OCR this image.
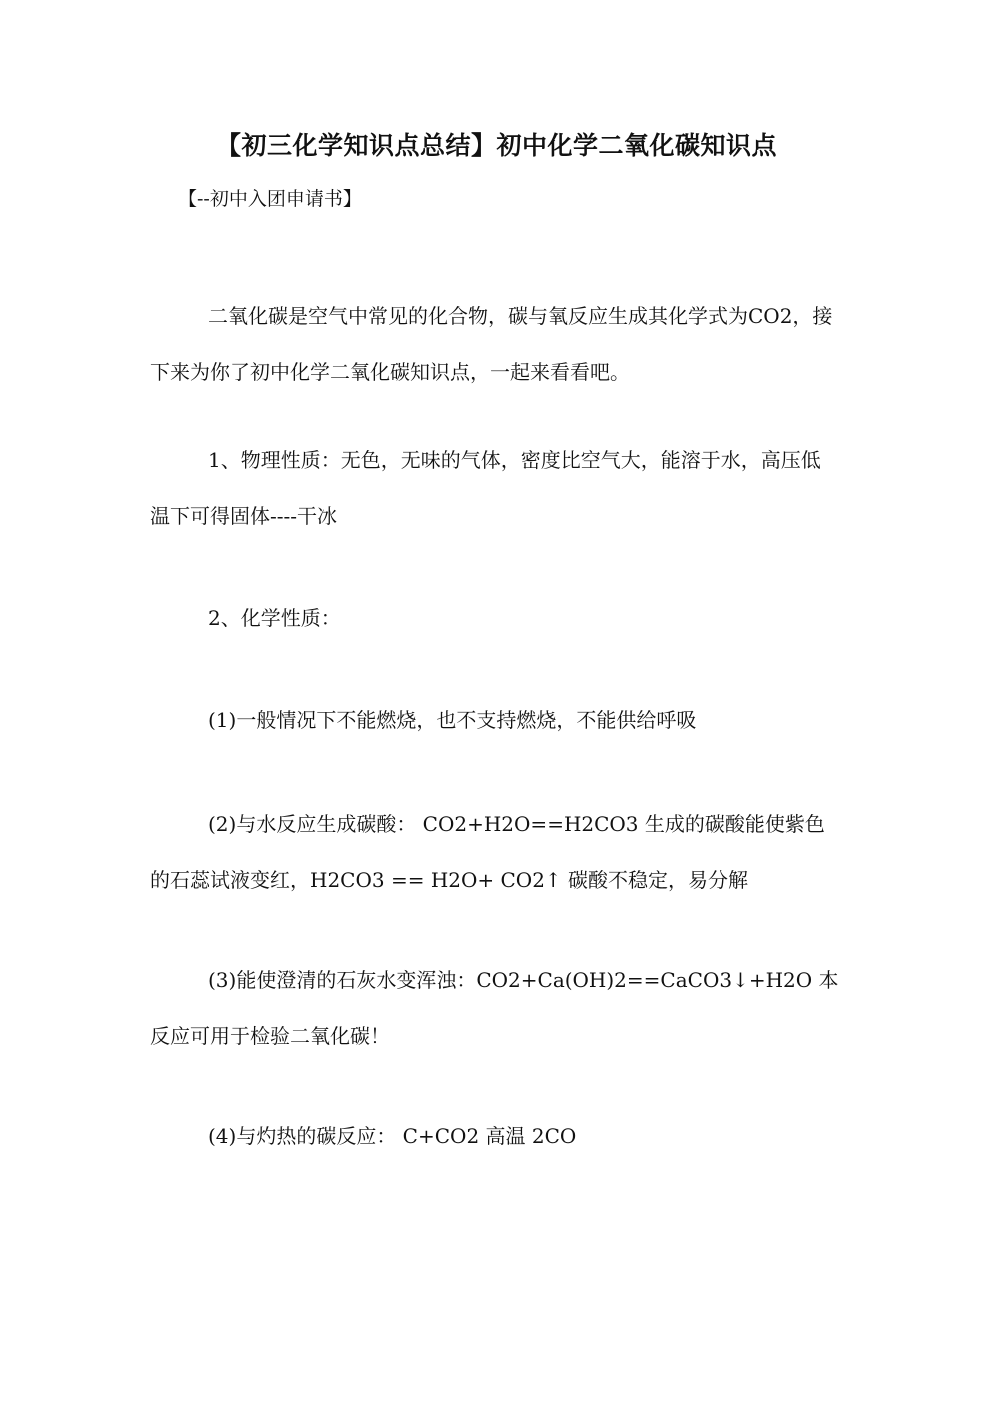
【初三化学知识点总结】初中化学二氧化碳知识点
【--初中入团申请书】

二氧化碳是空气中常见的化合物，碳与氧反应生成其化学式为CO2，接下来为你了初中化学二氧化碳知识点，一起来看看吧。

1、物理性质：无色，无味的气体，密度比空气大，能溶于水，高压低温下可得固体----干冰

2、化学性质：

(1)一般情况下不能燃烧，也不支持燃烧，不能供给呼吸

(2)与水反应生成碳酸： CO2+H2O==H2CO3 生成的碳酸能使紫色的石蕊试液变红，H2CO3 == H2O+ CO2↑ 碳酸不稳定，易分解

(3)能使澄清的石灰水变浑浊：CO2+Ca(OH)2==CaCO3↓+H2O 本反应可用于检验二氧化碳！

(4)与灼热的碳反应： C+CO2 高温 2CO
